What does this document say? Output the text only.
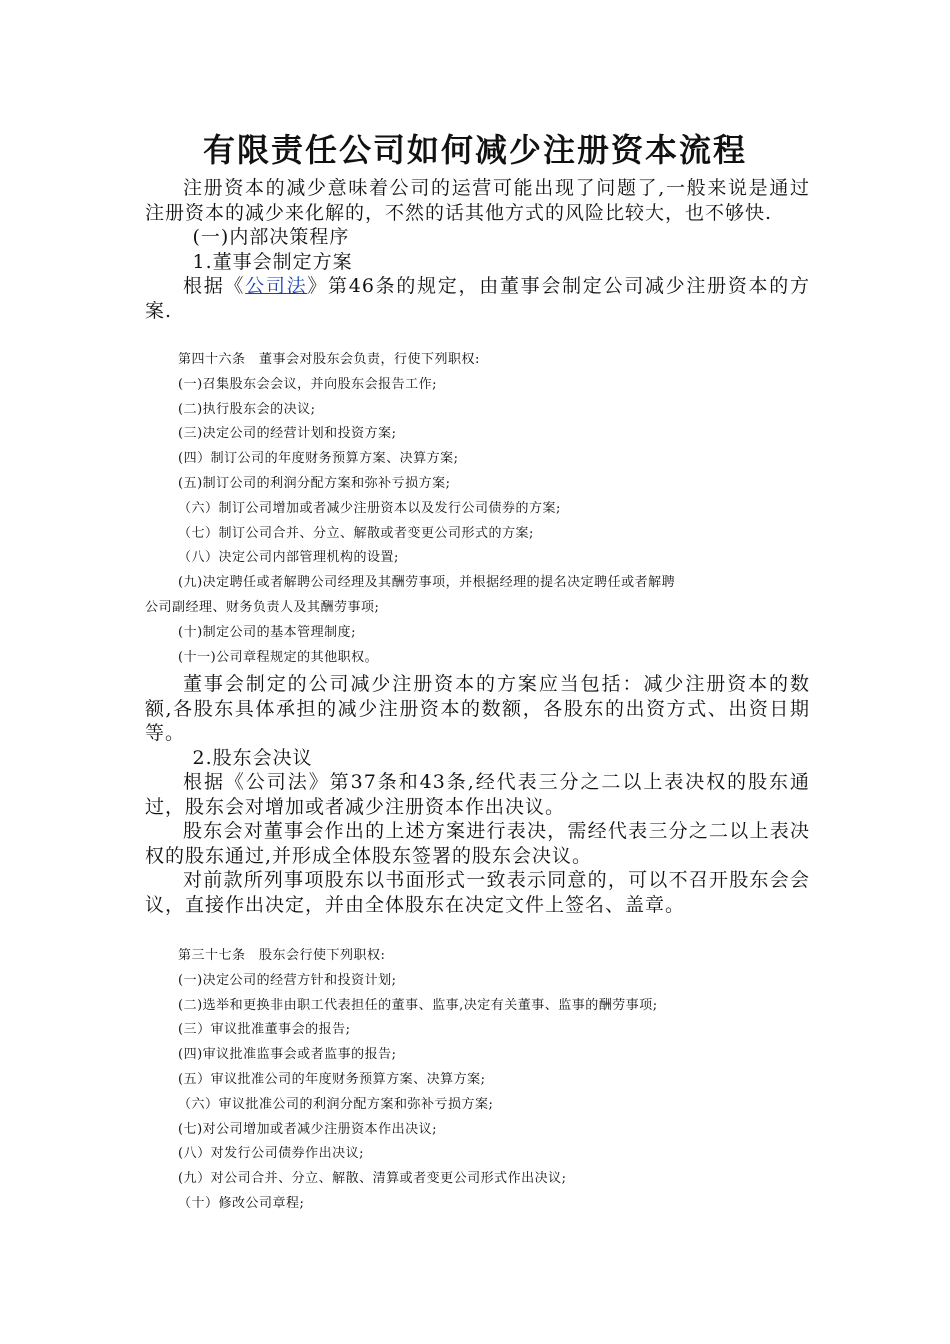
有限责任公司如何减少注册资本流程

注册资本的减少意味着公司的运营可能出现了问题了,一般来说是通过注册资本的减少来化解的，不然的话其他方式的风险比较大，也不够快.

(一)内部决策程序

1.董事会制定方案

根据《公司法》第46条的规定，由董事会制定公司减少注册资本的方案.

第四十六条　董事会对股东会负责，行使下列职权:

(一)召集股东会会议，并向股东会报告工作;

(二)执行股东会的决议;

(三)决定公司的经营计划和投资方案;

(四）制订公司的年度财务预算方案、决算方案;

(五)制订公司的利润分配方案和弥补亏损方案;

（六）制订公司增加或者减少注册资本以及发行公司债券的方案;

（七）制订公司合并、分立、解散或者变更公司形式的方案;

（八）决定公司内部管理机构的设置;

(九)决定聘任或者解聘公司经理及其酬劳事项，并根据经理的提名决定聘任或者解聘

公司副经理、财务负责人及其酬劳事项;

(十)制定公司的基本管理制度;

(十一)公司章程规定的其他职权。

董事会制定的公司减少注册资本的方案应当包括：减少注册资本的数额,各股东具体承担的减少注册资本的数额，各股东的出资方式、出资日期等。

2.股东会决议

根据《公司法》第37条和43条,经代表三分之二以上表决权的股东通过，股东会对增加或者减少注册资本作出决议。

股东会对董事会作出的上述方案进行表决，需经代表三分之二以上表决权的股东通过,并形成全体股东签署的股东会决议。

对前款所列事项股东以书面形式一致表示同意的，可以不召开股东会会议，直接作出决定，并由全体股东在决定文件上签名、盖章。

第三十七条　股东会行使下列职权:

(一)决定公司的经营方针和投资计划;

(二)选举和更换非由职工代表担任的董事、监事,决定有关董事、监事的酬劳事项;

(三）审议批准董事会的报告;

(四)审议批准监事会或者监事的报告;

(五）审议批准公司的年度财务预算方案、决算方案;

（六）审议批准公司的利润分配方案和弥补亏损方案;

(七)对公司增加或者减少注册资本作出决议;

(八）对发行公司债券作出决议;

(九）对公司合并、分立、解散、清算或者变更公司形式作出决议;

（十）修改公司章程;
